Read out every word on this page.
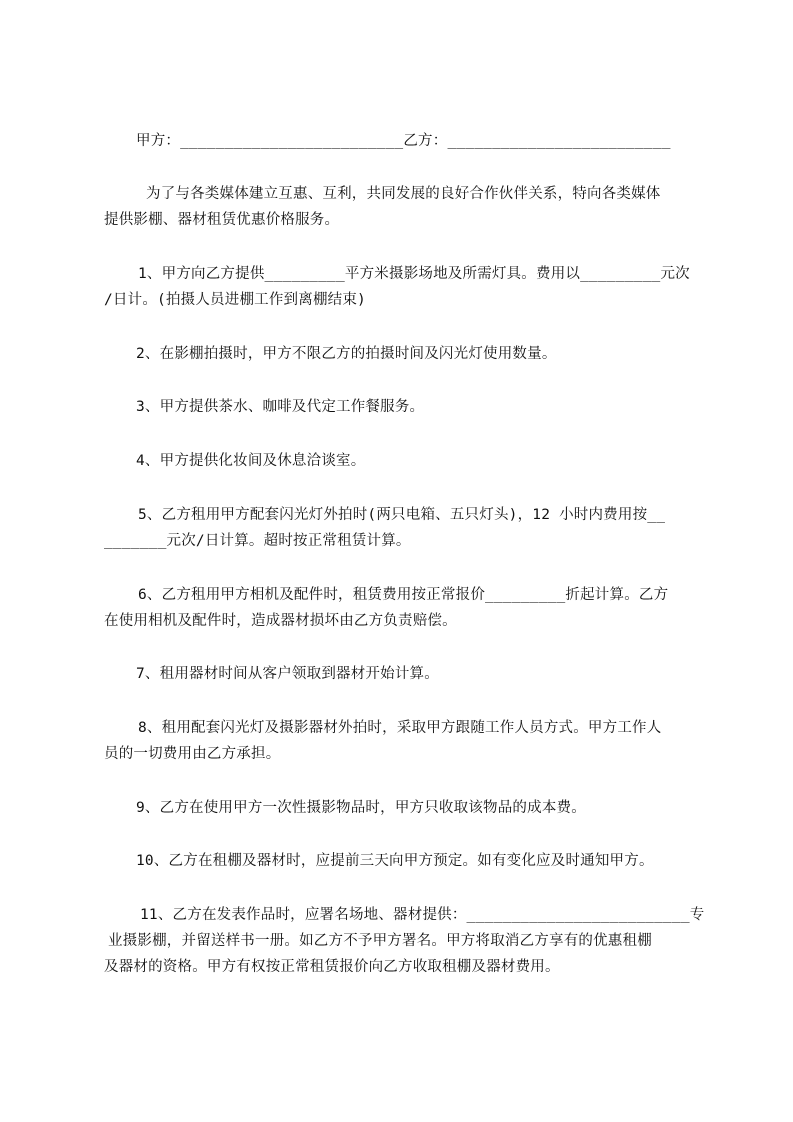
甲方：_________________________乙方：_________________________
为了与各类媒体建立互惠、互利，共同发展的良好合作伙伴关系，特向各类媒体
提供影棚、器材租赁优惠价格服务。
1、甲方向乙方提供_________平方米摄影场地及所需灯具。费用以_________元次
/日计。(拍摄人员进棚工作到离棚结束)
2、在影棚拍摄时，甲方不限乙方的拍摄时间及闪光灯使用数量。
3、甲方提供茶水、咖啡及代定工作餐服务。
4、甲方提供化妆间及休息洽谈室。
5、乙方租用甲方配套闪光灯外拍时(两只电箱、五只灯头)，12 小时内费用按__
_______元次/日计算。超时按正常租赁计算。
6、乙方租用甲方相机及配件时，租赁费用按正常报价_________折起计算。乙方
在使用相机及配件时，造成器材损坏由乙方负责赔偿。
7、租用器材时间从客户领取到器材开始计算。
8、租用配套闪光灯及摄影器材外拍时，采取甲方跟随工作人员方式。甲方工作人
员的一切费用由乙方承担。
9、乙方在使用甲方一次性摄影物品时，甲方只收取该物品的成本费。
10、乙方在租棚及器材时，应提前三天向甲方预定。如有变化应及时通知甲方。
11、乙方在发表作品时，应署名场地、器材提供：_________________________专
业摄影棚，并留送样书一册。如乙方不予甲方署名。甲方将取消乙方享有的优惠租棚
及器材的资格。甲方有权按正常租赁报价向乙方收取租棚及器材费用。
